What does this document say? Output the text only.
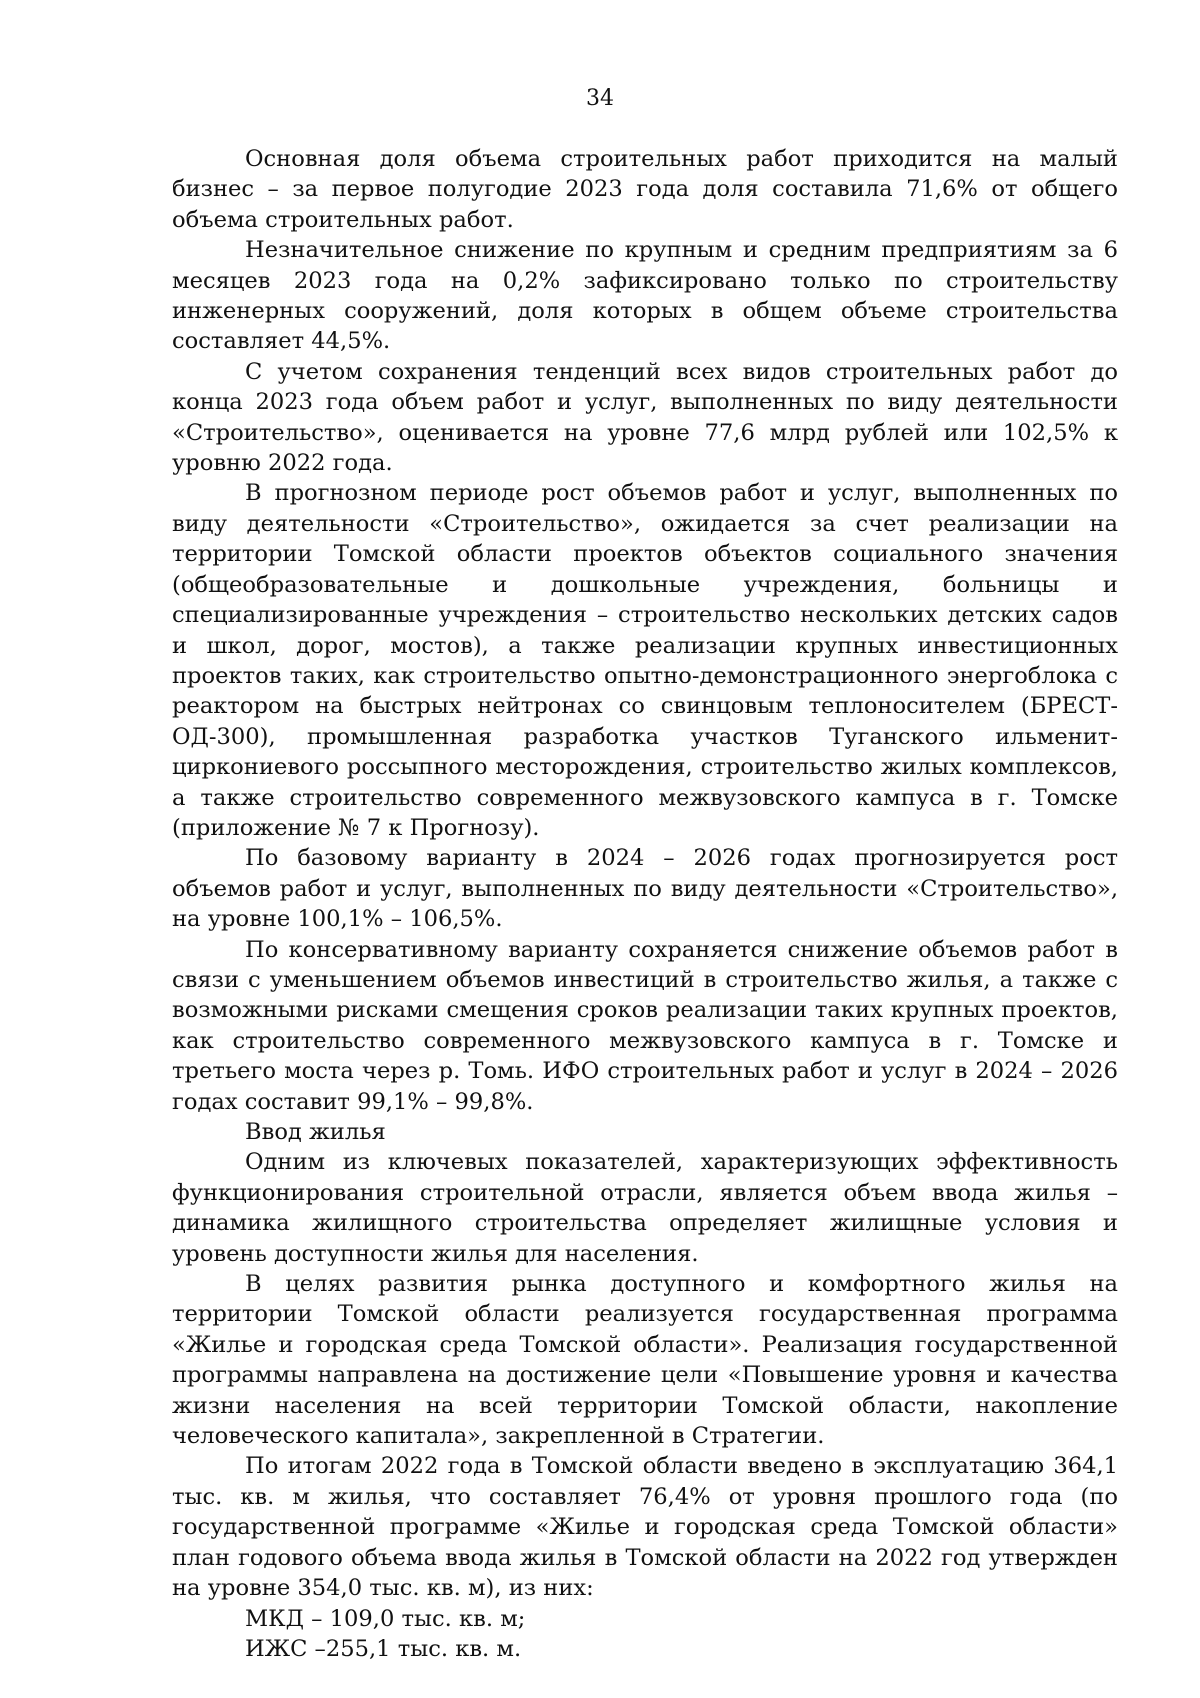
34

Основная доля объема строительных работ приходится на малый бизнес – за первое полугодие 2023 года доля составила 71,6% от общего объема строительных работ.

Незначительное снижение по крупным и средним предприятиям за 6 месяцев 2023 года на 0,2% зафиксировано только по строительству инженерных сооружений, доля которых в общем объеме строительства составляет 44,5%.

С учетом сохранения тенденций всех видов строительных работ до конца 2023 года объем работ и услуг, выполненных по виду деятельности «Строительство», оценивается на уровне 77,6 млрд рублей или 102,5% к уровню 2022 года.

В прогнозном периоде рост объемов работ и услуг, выполненных по виду деятельности «Строительство», ожидается за счет реализации на территории Томской области проектов объектов социального значения (общеобразовательные и дошкольные учреждения, больницы и специализированные учреждения – строительство нескольких детских садов и школ, дорог, мостов), а также реализации крупных инвестиционных проектов таких, как строительство опытно-демонстрационного энергоблока с реактором на быстрых нейтронах со свинцовым теплоносителем (БРЕСТ-ОД-300), промышленная разработка участков Туганского ильменит-циркониевого россыпного месторождения, строительство жилых комплексов, а также строительство современного межвузовского кампуса в г. Томске (приложение № 7 к Прогнозу).

По базовому варианту в 2024 – 2026 годах прогнозируется рост объемов работ и услуг, выполненных по виду деятельности «Строительство», на уровне 100,1% – 106,5%.

По консервативному варианту сохраняется снижение объемов работ в связи с уменьшением объемов инвестиций в строительство жилья, а также с возможными рисками смещения сроков реализации таких крупных проектов, как строительство современного межвузовского кампуса в г. Томске и третьего моста через р. Томь. ИФО строительных работ и услуг в 2024 – 2026 годах составит 99,1% – 99,8%.

Ввод жилья

Одним из ключевых показателей, характеризующих эффективность функционирования строительной отрасли, является объем ввода жилья – динамика жилищного строительства определяет жилищные условия и уровень доступности жилья для населения.

В целях развития рынка доступного и комфортного жилья на территории Томской области реализуется государственная программа «Жилье и городская среда Томской области». Реализация государственной программы направлена на достижение цели «Повышение уровня и качества жизни населения на всей территории Томской области, накопление человеческого капитала», закрепленной в Стратегии.

По итогам 2022 года в Томской области введено в эксплуатацию 364,1 тыс. кв. м жилья, что составляет 76,4% от уровня прошлого года (по государственной программе «Жилье и городская среда Томской области» план годового объема ввода жилья в Томской области на 2022 год утвержден на уровне 354,0 тыс. кв. м), из них:

МКД – 109,0 тыс. кв. м;

ИЖС –255,1 тыс. кв. м.
